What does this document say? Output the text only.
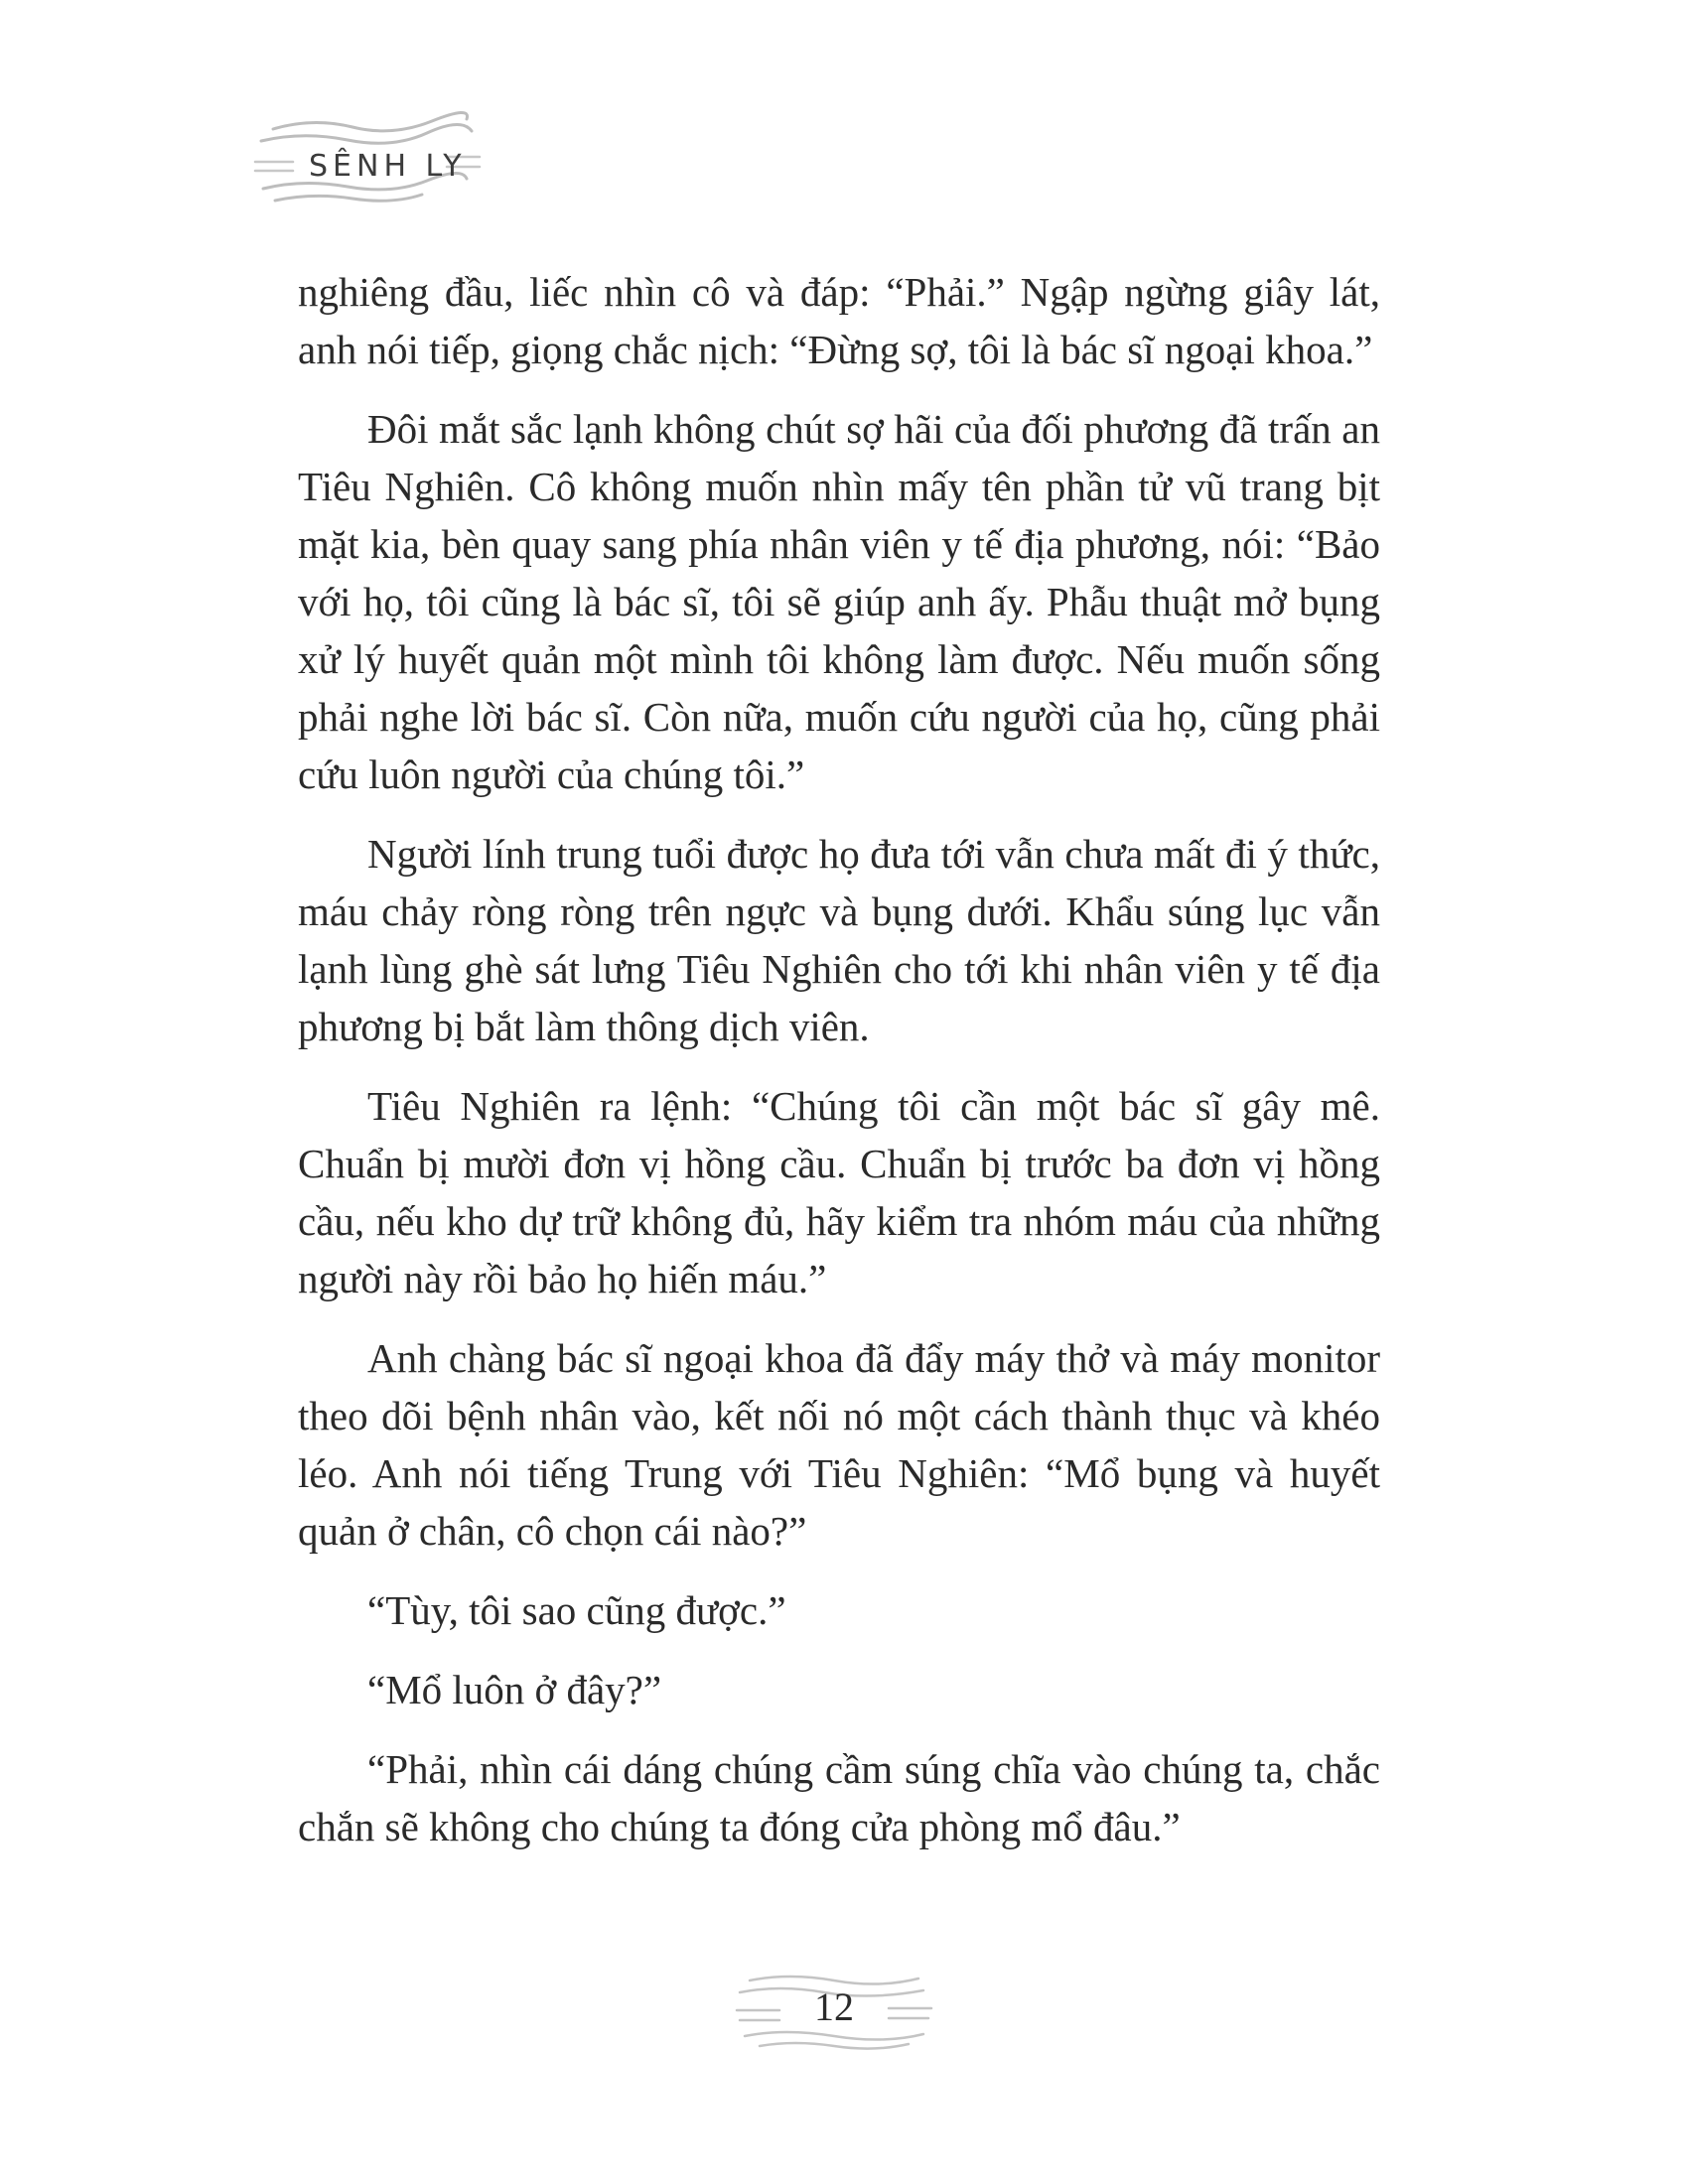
SÊNH LY

nghiêng đầu, liếc nhìn cô và đáp: “Phải.” Ngập ngừng giây lát, anh nói tiếp, giọng chắc nịch: “Đừng sợ, tôi là bác sĩ ngoại khoa.”

Đôi mắt sắc lạnh không chút sợ hãi của đối phương đã trấn an Tiêu Nghiên. Cô không muốn nhìn mấy tên phần tử vũ trang bịt mặt kia, bèn quay sang phía nhân viên y tế địa phương, nói: “Bảo với họ, tôi cũng là bác sĩ, tôi sẽ giúp anh ấy. Phẫu thuật mở bụng xử lý huyết quản một mình tôi không làm được. Nếu muốn sống phải nghe lời bác sĩ. Còn nữa, muốn cứu người của họ, cũng phải cứu luôn người của chúng tôi.”

Người lính trung tuổi được họ đưa tới vẫn chưa mất đi ý thức, máu chảy ròng ròng trên ngực và bụng dưới. Khẩu súng lục vẫn lạnh lùng ghè sát lưng Tiêu Nghiên cho tới khi nhân viên y tế địa phương bị bắt làm thông dịch viên.

Tiêu Nghiên ra lệnh: “Chúng tôi cần một bác sĩ gây mê. Chuẩn bị mười đơn vị hồng cầu. Chuẩn bị trước ba đơn vị hồng cầu, nếu kho dự trữ không đủ, hãy kiểm tra nhóm máu của những người này rồi bảo họ hiến máu.”

Anh chàng bác sĩ ngoại khoa đã đẩy máy thở và máy monitor theo dõi bệnh nhân vào, kết nối nó một cách thành thục và khéo léo. Anh nói tiếng Trung với Tiêu Nghiên: “Mổ bụng và huyết quản ở chân, cô chọn cái nào?”

“Tùy, tôi sao cũng được.”

“Mổ luôn ở đây?”

“Phải, nhìn cái dáng chúng cầm súng chĩa vào chúng ta, chắc chắn sẽ không cho chúng ta đóng cửa phòng mổ đâu.”

12
